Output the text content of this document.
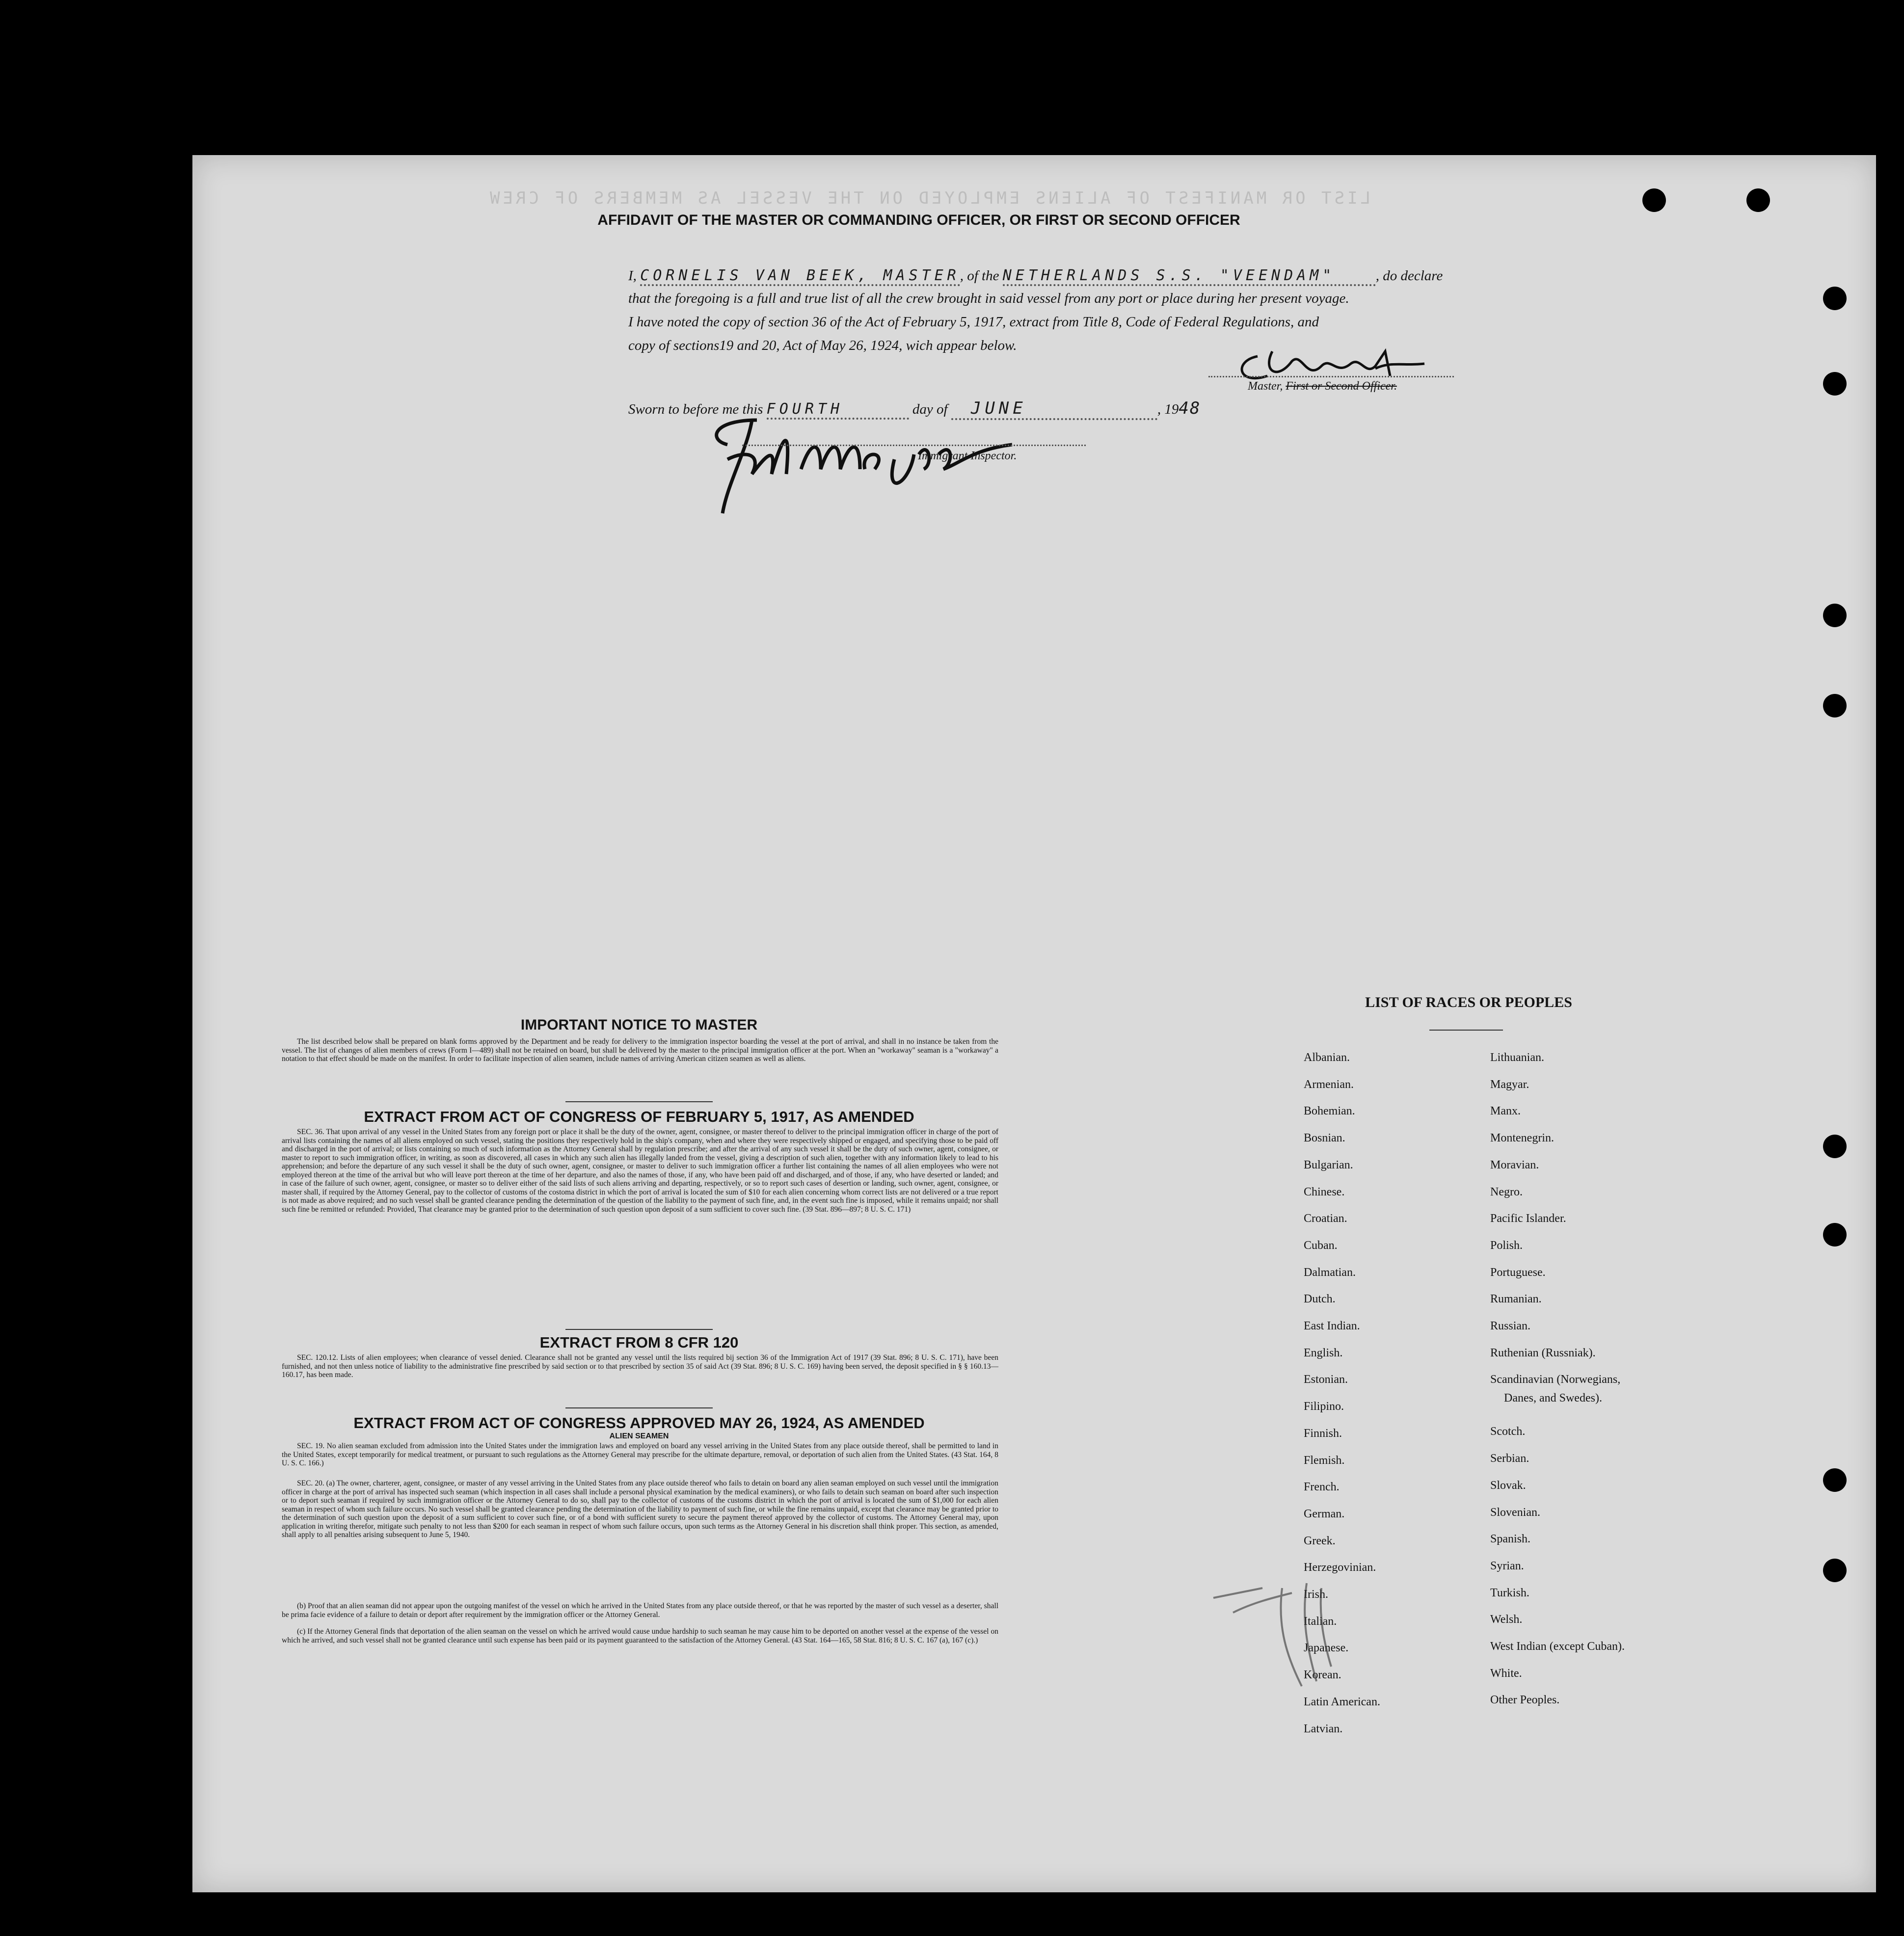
LIST OR MANIFEST OF ALIENS EMPLOYED ON THE VESSEL AS MEMBERS OF CREW
AFFIDAVIT OF THE MASTER OR COMMANDING OFFICER, OR FIRST OR SECOND OFFICER
I, CORNELIS VAN BEEK, MASTER, of the NETHERLANDS S.S. "VEENDAM"	, do declare
that the foregoing is a full and true list of all the crew brought in said vessel from any port or place during her present voyage.
I have noted the copy of section 36 of the Act of February 5, 1917, extract from Title 8, Code of Federal Regulations, and
copy of sections19 and 20, Act of May 26, 1924, wich appear below.
Master, First or Second Officer.
Sworn to before me this FOURTH	day of JUNE	, 1948
Immigrant Inspector.
IMPORTANT NOTICE TO MASTER
The list described below shall be prepared on blank forms approved by the Department and be ready for delivery to the immigration inspector boarding the vessel at the port of arrival, and shall in no instance be taken from the vessel. The list of changes of alien members of crews (Form I—489) shall not be retained on board, but shall be delivered by the master to the principal immigration officer at the port. When an "workaway" seaman is a "workaway" a notation to that effect should be made on the manifest. In order to facilitate inspection of alien seamen, include names of arriving American citizen seamen as well as aliens.
EXTRACT FROM ACT OF CONGRESS OF FEBRUARY 5, 1917, AS AMENDED
SEC. 36. That upon arrival of any vessel in the United States from any foreign port or place it shall be the duty of the owner, agent, consignee, or master thereof to deliver to the principal immigration officer in charge of the port of arrival lists containing the names of all aliens employed on such vessel, stating the positions they respectively hold in the ship's company, when and where they were respectively shipped or engaged, and specifying those to be paid off and discharged in the port of arrival; or lists containing so much of such information as the Attorney General shall by regulation prescribe; and after the arrival of any such vessel it shall be the duty of such owner, agent, consignee, or master to report to such immigration officer, in writing, as soon as discovered, all cases in which any such alien has illegally landed from the vessel, giving a description of such alien, together with any information likely to lead to his apprehension; and before the departure of any such vessel it shall be the duty of such owner, agent, consignee, or master to deliver to such immigration officer a further list containing the names of all alien employees who were not employed thereon at the time of the arrival but who will leave port thereon at the time of her departure, and also the names of those, if any, who have been paid off and discharged, and of those, if any, who have deserted or landed; and in case of the failure of such owner, agent, consignee, or master so to deliver either of the said lists of such aliens arriving and departing, respectively, or so to report such cases of desertion or landing, such owner, agent, consignee, or master shall, if required by the Attorney General, pay to the collector of customs of the costoma district in which the port of arrival is located the sum of $10 for each alien concerning whom correct lists are not delivered or a true report is not made as above required; and no such vessel shall be granted clearance pending the determination of the question of the liability to the payment of such fine, and, in the event such fine is imposed, while it remains unpaid; nor shall such fine be remitted or refunded: Provided, That clearance may be granted prior to the determination of such question upon deposit of a sum sufficient to cover such fine. (39 Stat. 896—897; 8 U. S. C. 171)
EXTRACT FROM 8 CFR 120
SEC. 120.12. Lists of alien employees; when clearance of vessel denied. Clearance shall not be granted any vessel until the lists required bij section 36 of the Immigration Act of 1917 (39 Stat. 896; 8 U. S. C. 171), have been furnished, and not then unless notice of liability to the administrative fine prescribed by said section or to that prescribed by section 35 of said Act (39 Stat. 896; 8 U. S. C. 169) having been served, the deposit specified in § § 160.13—160.17, has been made.
EXTRACT FROM ACT OF CONGRESS APPROVED MAY 26, 1924, AS AMENDED
ALIEN SEAMEN
SEC. 19. No alien seaman excluded from admission into the United States under the immigration laws and employed on board any vessel arriving in the United States from any place outside thereof, shall be permitted to land in the United States, except temporarily for medical treatment, or pursuant to such regulations as the Attorney General may prescribe for the ultimate departure, removal, or deportation of such alien from the United States. (43 Stat. 164, 8 U. S. C. 166.)
SEC. 20. (a) The owner, charterer, agent, consignee, or master of any vessel arriving in the United States from any place outside thereof who fails to detain on board any alien seaman employed on such vessel until the immigration officer in charge at the port of arrival has inspected such seaman (which inspection in all cases shall include a personal physical examination by the medical examiners), or who fails to detain such seaman on board after such inspection or to deport such seaman if required by such immigration officer or the Attorney General to do so, shall pay to the collector of customs of the customs district in which the port of arrival is located the sum of $1,000 for each alien seaman in respect of whom such failure occurs. No such vessel shall be granted clearance pending the determination of the liability to payment of such fine, or while the fine remains unpaid, except that clearance may be granted prior to the determination of such question upon the deposit of a sum sufficient to cover such fine, or of a bond with sufficient surety to secure the payment thereof approved by the collector of customs. The Attorney General may, upon application in writing therefor, mitigate such penalty to not less than $200 for each seaman in respect of whom such failure occurs, upon such terms as the Attorney General in his discretion shall think proper. This section, as amended, shall apply to all penalties arising subsequent to June 5, 1940.
(b) Proof that an alien seaman did not appear upon the outgoing manifest of the vessel on which he arrived in the United States from any place outside thereof, or that he was reported by the master of such vessel as a deserter, shall be prima facie evidence of a failure to detain or deport after requirement by the immigration officer or the Attorney General.
(c) If the Attorney General finds that deportation of the alien seaman on the vessel on which he arrived would cause undue hardship to such seaman he may cause him to be deported on another vessel at the expense of the vessel on which he arrived, and such vessel shall not be granted clearance until such expense has been paid or its payment guaranteed to the satisfaction of the Attorney General. (43 Stat. 164—165, 58 Stat. 816; 8 U. S. C. 167 (a), 167 (c).)
LIST OF RACES OR PEOPLES
Albanian.
Armenian.
Bohemian.
Bosnian.
Bulgarian.
Chinese.
Croatian.
Cuban.
Dalmatian.
Dutch.
East Indian.
English.
Estonian.
Filipino.
Finnish.
Flemish.
French.
German.
Greek.
Herzegovinian.
Irish.
Italian.
Japanese.
Korean.
Latin American.
Latvian.
Lithuanian.
Magyar.
Manx.
Montenegrin.
Moravian.
Negro.
Pacific Islander.
Polish.
Portuguese.
Rumanian.
Russian.
Ruthenian (Russniak).
Scandinavian (Norwegians,
Danes, and Swedes).
Scotch.
Serbian.
Slovak.
Slovenian.
Spanish.
Syrian.
Turkish.
Welsh.
West Indian (except Cuban).
White.
Other Peoples.
